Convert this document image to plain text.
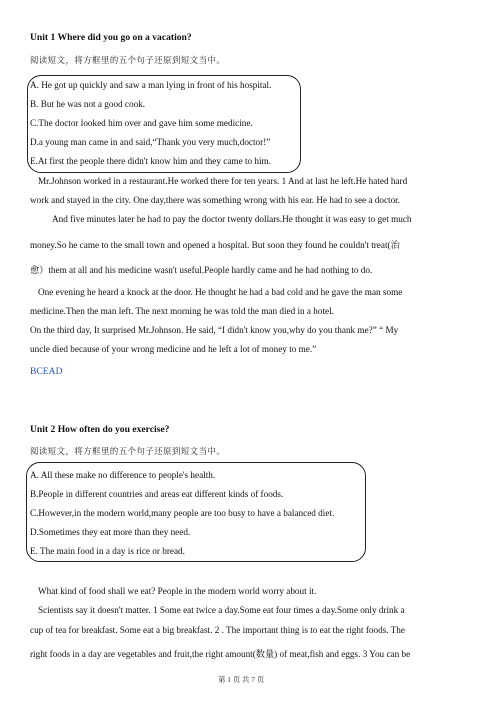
Unit 1 Where did you go on a vacation?
阅读短文，将方框里的五个句子还原到短文当中。
A. He got up quickly and saw a man lying in front of his hospital.
B. But he was not a good cook.
C.The doctor looked him over and gave him some medicine.
D.a young man came in and said,“Thank you very much,doctor!”
E.At first the people there didn't know him and they came to him.
Mr.Johnson worked in a restaurant.He worked there for ten years. 1 And at last he left.He hated hard
work and stayed in the city. One day,there was something wrong with his ear. He had to see a doctor.
And five minutes later he had to pay the doctor twenty dollars.He thought it was easy to get much
money.So he came to the small town and opened a hospital. But soon they found he couldn't treat(治
愈）them at all and his medicine wasn't useful.People hardly came and he had nothing to do.
One evening he heard a knock at the door. He thought he had a bad cold and he gave the man some
medicine.Then the man left. The next morning he was told the man died in a hotel.
On the third day, It surprised Mr.Johnson. He said, “I didn't know you,why do you thank me?” “ My
uncle died because of your wrong medicine and he left a lot of money to me.”
BCEAD
Unit 2 How often do you exercise?
阅读短文，将方框里的五个句子还原到短文当中。
A. All these make no difference to people's health.
B.People in different countries and areas eat different kinds of foods.
C.However,in the modern world,many people are too busy to have a balanced diet.
D.Sometimes they eat more than they need.
E. The main food in a day is rice or bread.
What kind of food shall we eat? People in the modern world worry about it.
Scientists say it doesn't matter. 1 Some eat twice a day.Some eat four times a day.Some only drink a
cup of tea for breakfast. Some eat a big breakfast. 2 . The important thing is to eat the right foods. The
right foods in a day are vegetables and fruit,the right amount(数量) of meat,fish and eggs. 3 You can be
第 1 页 共 7 页
